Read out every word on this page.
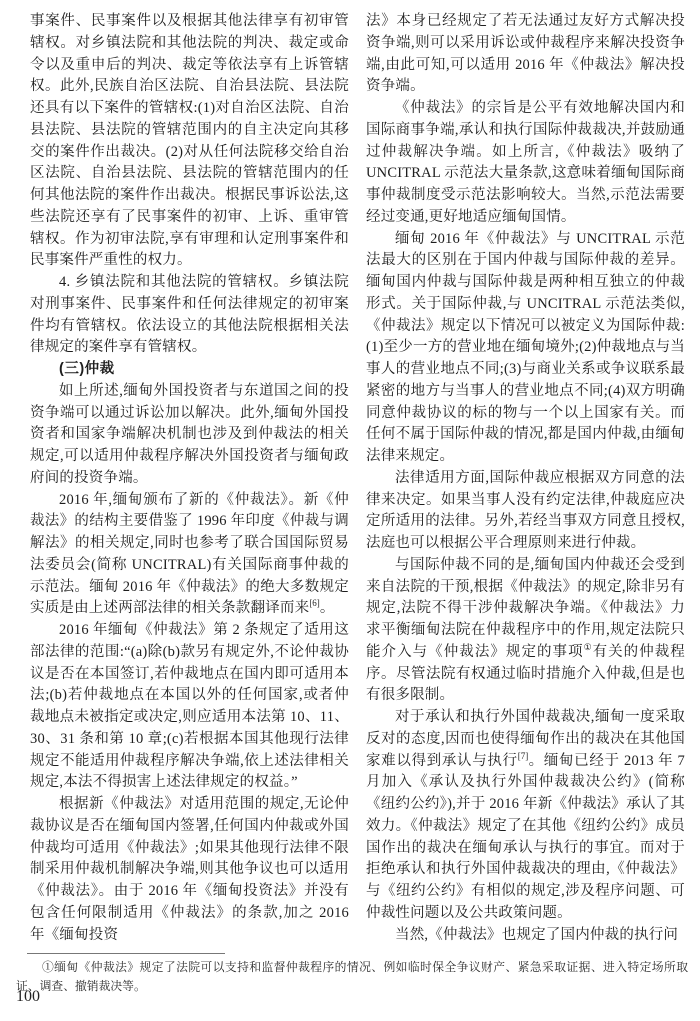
事案件、民事案件以及根据其他法律享有初审管辖权。对乡镇法院和其他法院的判决、裁定或命令以及重申后的判决、裁定等依法享有上诉管辖权。此外,民族自治区法院、自治县法院、县法院还具有以下案件的管辖权:(1)对自治区法院、自治县法院、县法院的管辖范围内的自主决定向其移交的案件作出裁决。(2)对从任何法院移交给自治区法院、自治县法院、县法院的管辖范围内的任何其他法院的案件作出裁决。根据民事诉讼法,这些法院还享有了民事案件的初审、上诉、重审管辖权。作为初审法院,享有审理和认定刑事案件和民事案件严重性的权力。

4. 乡镇法院和其他法院的管辖权。乡镇法院对刑事案件、民事案件和任何法律规定的初审案件均有管辖权。依法设立的其他法院根据相关法律规定的案件享有管辖权。

(三)仲裁

如上所述,缅甸外国投资者与东道国之间的投资争端可以通过诉讼加以解决。此外,缅甸外国投资者和国家争端解决机制也涉及到仲裁法的相关规定,可以适用仲裁程序解决外国投资者与缅甸政府间的投资争端。

2016 年,缅甸颁布了新的《仲裁法》。新《仲裁法》的结构主要借鉴了 1996 年印度《仲裁与调解法》的相关规定,同时也参考了联合国国际贸易法委员会(简称 UNCITRAL)有关国际商事仲裁的示范法。缅甸 2016 年《仲裁法》的绝大多数规定实质是由上述两部法律的相关条款翻译而来[6]。

2016 年缅甸《仲裁法》第 2 条规定了适用这部法律的范围:“(a)除(b)款另有规定外,不论仲裁协议是否在本国签订,若仲裁地点在国内即可适用本法;(b)若仲裁地点在本国以外的任何国家,或者仲裁地点未被指定或决定,则应适用本法第 10、11、30、31 条和第 10 章;(c)若根据本国其他现行法律规定不能适用仲裁程序解决争端,依上述法律相关规定,本法不得损害上述法律规定的权益。”

根据新《仲裁法》对适用范围的规定,无论仲裁协议是否在缅甸国内签署,任何国内仲裁或外国仲裁均可适用《仲裁法》;如果其他现行法律不限制采用仲裁机制解决争端,则其他争议也可以适用《仲裁法》。由于 2016 年《缅甸投资法》并没有包含任何限制适用《仲裁法》的条款,加之 2016 年《缅甸投资

法》本身已经规定了若无法通过友好方式解决投资争端,则可以采用诉讼或仲裁程序来解决投资争端,由此可知,可以适用 2016 年《仲裁法》解决投资争端。

《仲裁法》的宗旨是公平有效地解决国内和国际商事争端,承认和执行国际仲裁裁决,并鼓励通过仲裁解决争端。如上所言,《仲裁法》吸纳了 UNCITRAL 示范法大量条款,这意味着缅甸国际商事仲裁制度受示范法影响较大。当然,示范法需要经过变通,更好地适应缅甸国情。

缅甸 2016 年《仲裁法》与 UNCITRAL 示范法最大的区别在于国内仲裁与国际仲裁的差异。缅甸国内仲裁与国际仲裁是两种相互独立的仲裁形式。关于国际仲裁,与 UNCITRAL 示范法类似,《仲裁法》规定以下情况可以被定义为国际仲裁:(1)至少一方的营业地在缅甸境外;(2)仲裁地点与当事人的营业地点不同;(3)与商业关系或争议联系最紧密的地方与当事人的营业地点不同;(4)双方明确同意仲裁协议的标的物与一个以上国家有关。而任何不属于国际仲裁的情况,都是国内仲裁,由缅甸法律来规定。

法律适用方面,国际仲裁应根据双方同意的法律来决定。如果当事人没有约定法律,仲裁庭应决定所适用的法律。另外,若经当事双方同意且授权,法庭也可以根据公平合理原则来进行仲裁。

与国际仲裁不同的是,缅甸国内仲裁还会受到来自法院的干预,根据《仲裁法》的规定,除非另有规定,法院不得干涉仲裁解决争端。《仲裁法》力求平衡缅甸法院在仲裁程序中的作用,规定法院只能介入与《仲裁法》规定的事项①有关的仲裁程序。尽管法院有权通过临时措施介入仲裁,但是也有很多限制。

对于承认和执行外国仲裁裁决,缅甸一度采取反对的态度,因而也使得缅甸作出的裁决在其他国家难以得到承认与执行[7]。缅甸已经于 2013 年 7 月加入《承认及执行外国仲裁裁决公约》(简称《纽约公约》),并于 2016 年新《仲裁法》承认了其效力。《仲裁法》规定了在其他《纽约公约》成员国作出的裁决在缅甸承认与执行的事宜。而对于拒绝承认和执行外国仲裁裁决的理由,《仲裁法》与《纽约公约》有相似的规定,涉及程序问题、可仲裁性问题以及公共政策问题。

当然,《仲裁法》也规定了国内仲裁的执行问

①缅甸《仲裁法》规定了法院可以支持和监督仲裁程序的情况、例如临时保全争议财产、紧急采取证据、进入特定场所取证、调查、撤销裁决等。

100
